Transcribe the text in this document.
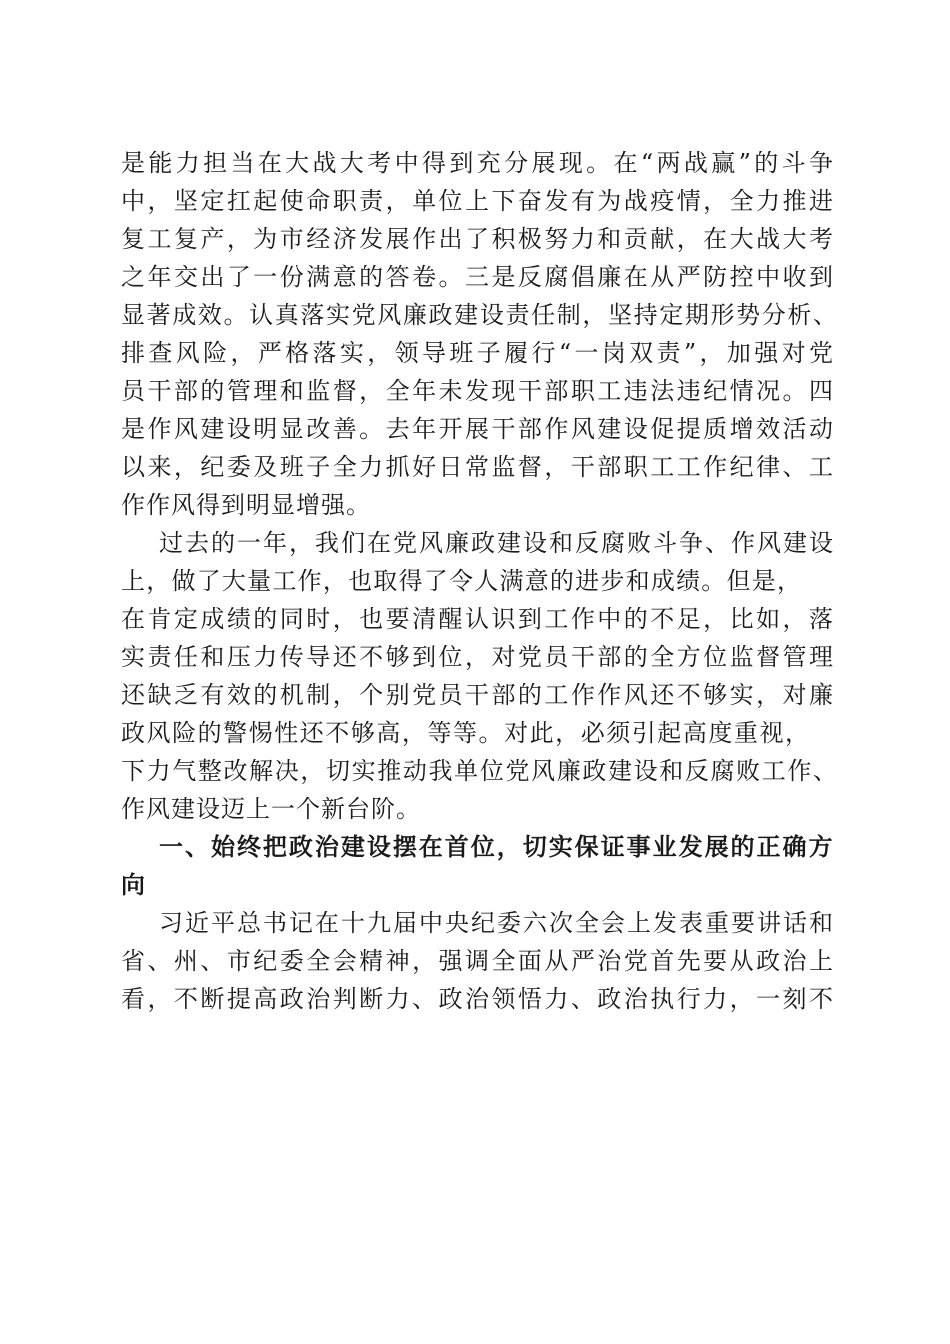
是能力担当在大战大考中得到充分展现。在“两战赢”的斗争
中，坚定扛起使命职责，单位上下奋发有为战疫情，全力推进
复工复产，为市经济发展作出了积极努力和贡献，在大战大考
之年交出了一份满意的答卷。三是反腐倡廉在从严防控中收到
显著成效。认真落实党风廉政建设责任制，坚持定期形势分析、
排查风险，严格落实，领导班子履行“一岗双责”，加强对党
员干部的管理和监督，全年未发现干部职工违法违纪情况。四
是作风建设明显改善。去年开展干部作风建设促提质增效活动
以来，纪委及班子全力抓好日常监督，干部职工工作纪律、工
作作风得到明显增强。
过去的一年，我们在党风廉政建设和反腐败斗争、作风建设
上，做了大量工作，也取得了令人满意的进步和成绩。但是，
在肯定成绩的同时，也要清醒认识到工作中的不足，比如，落
实责任和压力传导还不够到位，对党员干部的全方位监督管理
还缺乏有效的机制，个别党员干部的工作作风还不够实，对廉
政风险的警惕性还不够高，等等。对此，必须引起高度重视，
下力气整改解决，切实推动我单位党风廉政建设和反腐败工作、
作风建设迈上一个新台阶。
一、始终把政治建设摆在首位，切实保证事业发展的正确方
向
习近平总书记在十九届中央纪委六次全会上发表重要讲话和
省、州、市纪委全会精神，强调全面从严治党首先要从政治上
看，不断提高政治判断力、政治领悟力、政治执行力，一刻不
